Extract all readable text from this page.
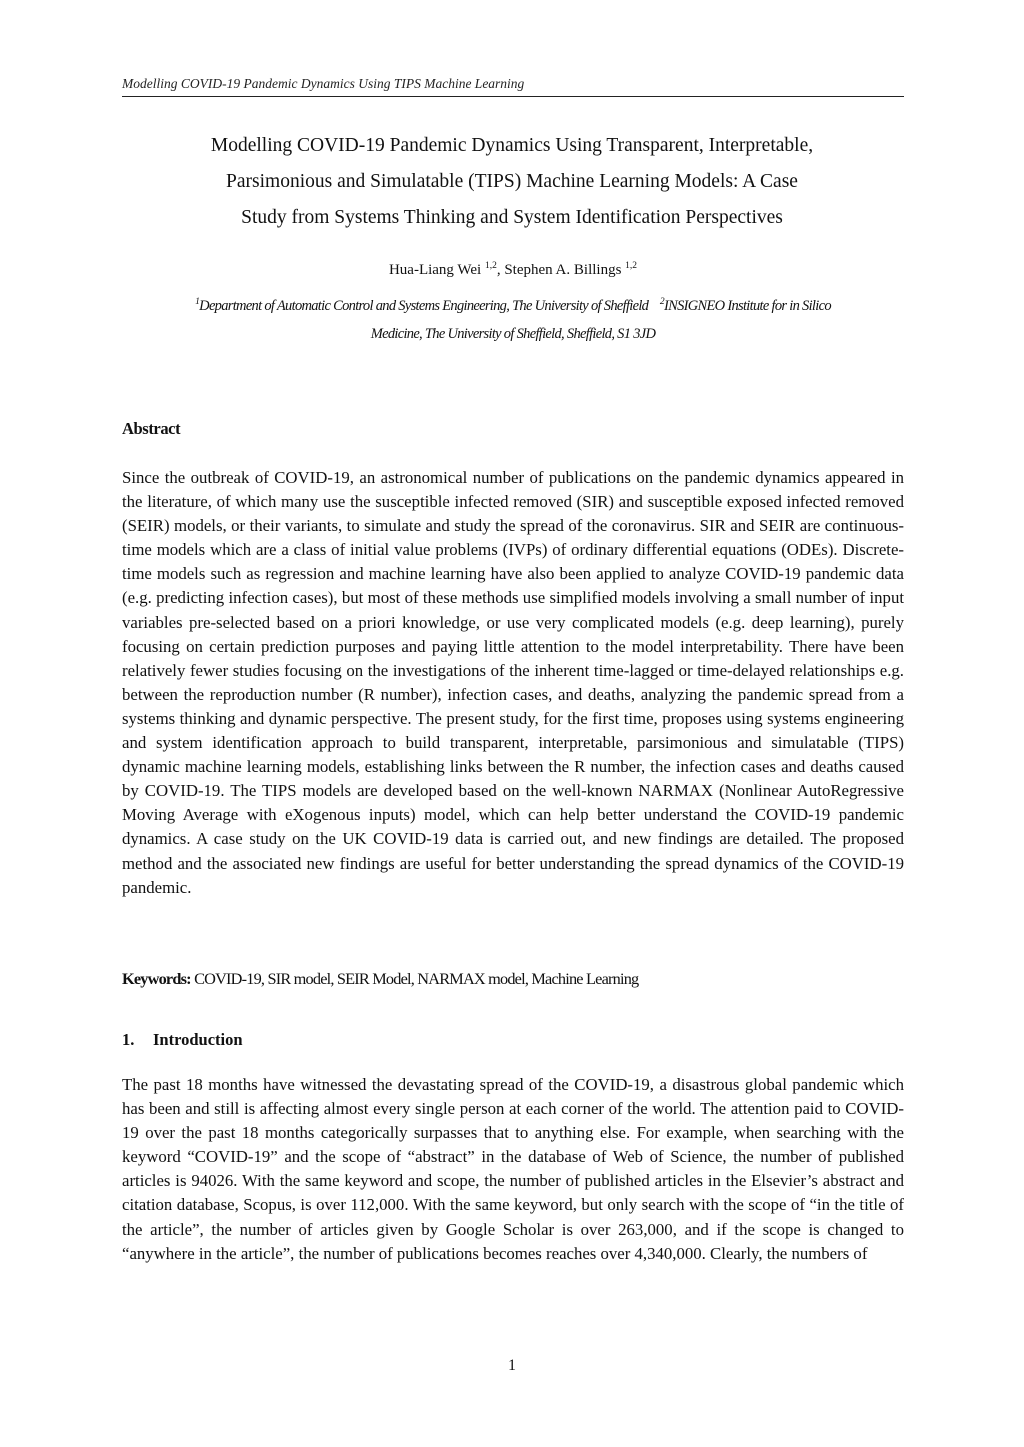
Modelling COVID-19 Pandemic Dynamics Using TIPS Machine Learning
Modelling COVID-19 Pandemic Dynamics Using Transparent, Interpretable,
Parsimonious and Simulatable (TIPS) Machine Learning Models: A Case
Study from Systems Thinking and System Identification Perspectives
Hua-Liang Wei $^{1,2}$, Stephen A. Billings $^{1,2}$
$^1$Department of Automatic Control and Systems Engineering, The University of Sheffield $^2$INSIGNEO Institute for in Silico
Medicine, The University of Sheffield, Sheffield, S1 3JD
Abstract
Since the outbreak of COVID-19, an astronomical number of publications on the pandemic dynamics appeared in the literature, of which many use the susceptible infected removed (SIR) and susceptible exposed infected removed (SEIR) models, or their variants, to simulate and study the spread of the coronavirus. SIR and SEIR are continuous-time models which are a class of initial value problems (IVPs) of ordinary differential equations (ODEs). Discrete-time models such as regression and machine learning have also been applied to analyze COVID-19 pandemic data (e.g. predicting infection cases), but most of these methods use simplified models involving a small number of input variables pre-selected based on a priori knowledge, or use very complicated models (e.g. deep learning), purely focusing on certain prediction purposes and paying little attention to the model interpretability. There have been relatively fewer studies focusing on the investigations of the inherent time-lagged or time-delayed relationships e.g. between the reproduction number (R number), infection cases, and deaths, analyzing the pandemic spread from a systems thinking and dynamic perspective. The present study, for the first time, proposes using systems engineering and system identification approach to build transparent, interpretable, parsimonious and simulatable (TIPS) dynamic machine learning models, establishing links between the R number, the infection cases and deaths caused by COVID-19. The TIPS models are developed based on the well-known NARMAX (Nonlinear AutoRegressive Moving Average with eXogenous inputs) model, which can help better understand the COVID-19 pandemic dynamics. A case study on the UK COVID-19 data is carried out, and new findings are detailed. The proposed method and the associated new findings are useful for better understanding the spread dynamics of the COVID-19 pandemic.
Keywords: COVID-19, SIR model, SEIR Model, NARMAX model, Machine Learning
1. Introduction
The past 18 months have witnessed the devastating spread of the COVID-19, a disastrous global pandemic which has been and still is affecting almost every single person at each corner of the world. The attention paid to COVID-19 over the past 18 months categorically surpasses that to anything else. For example, when searching with the keyword “COVID-19” and the scope of “abstract” in the database of Web of Science, the number of published articles is 94026. With the same keyword and scope, the number of published articles in the Elsevier’s abstract and citation database, Scopus, is over 112,000. With the same keyword, but only search with the scope of “in the title of the article”, the number of articles given by Google Scholar is over 263,000, and if the scope is changed to “anywhere in the article”, the number of publications becomes reaches over 4,340,000. Clearly, the numbers of
1
